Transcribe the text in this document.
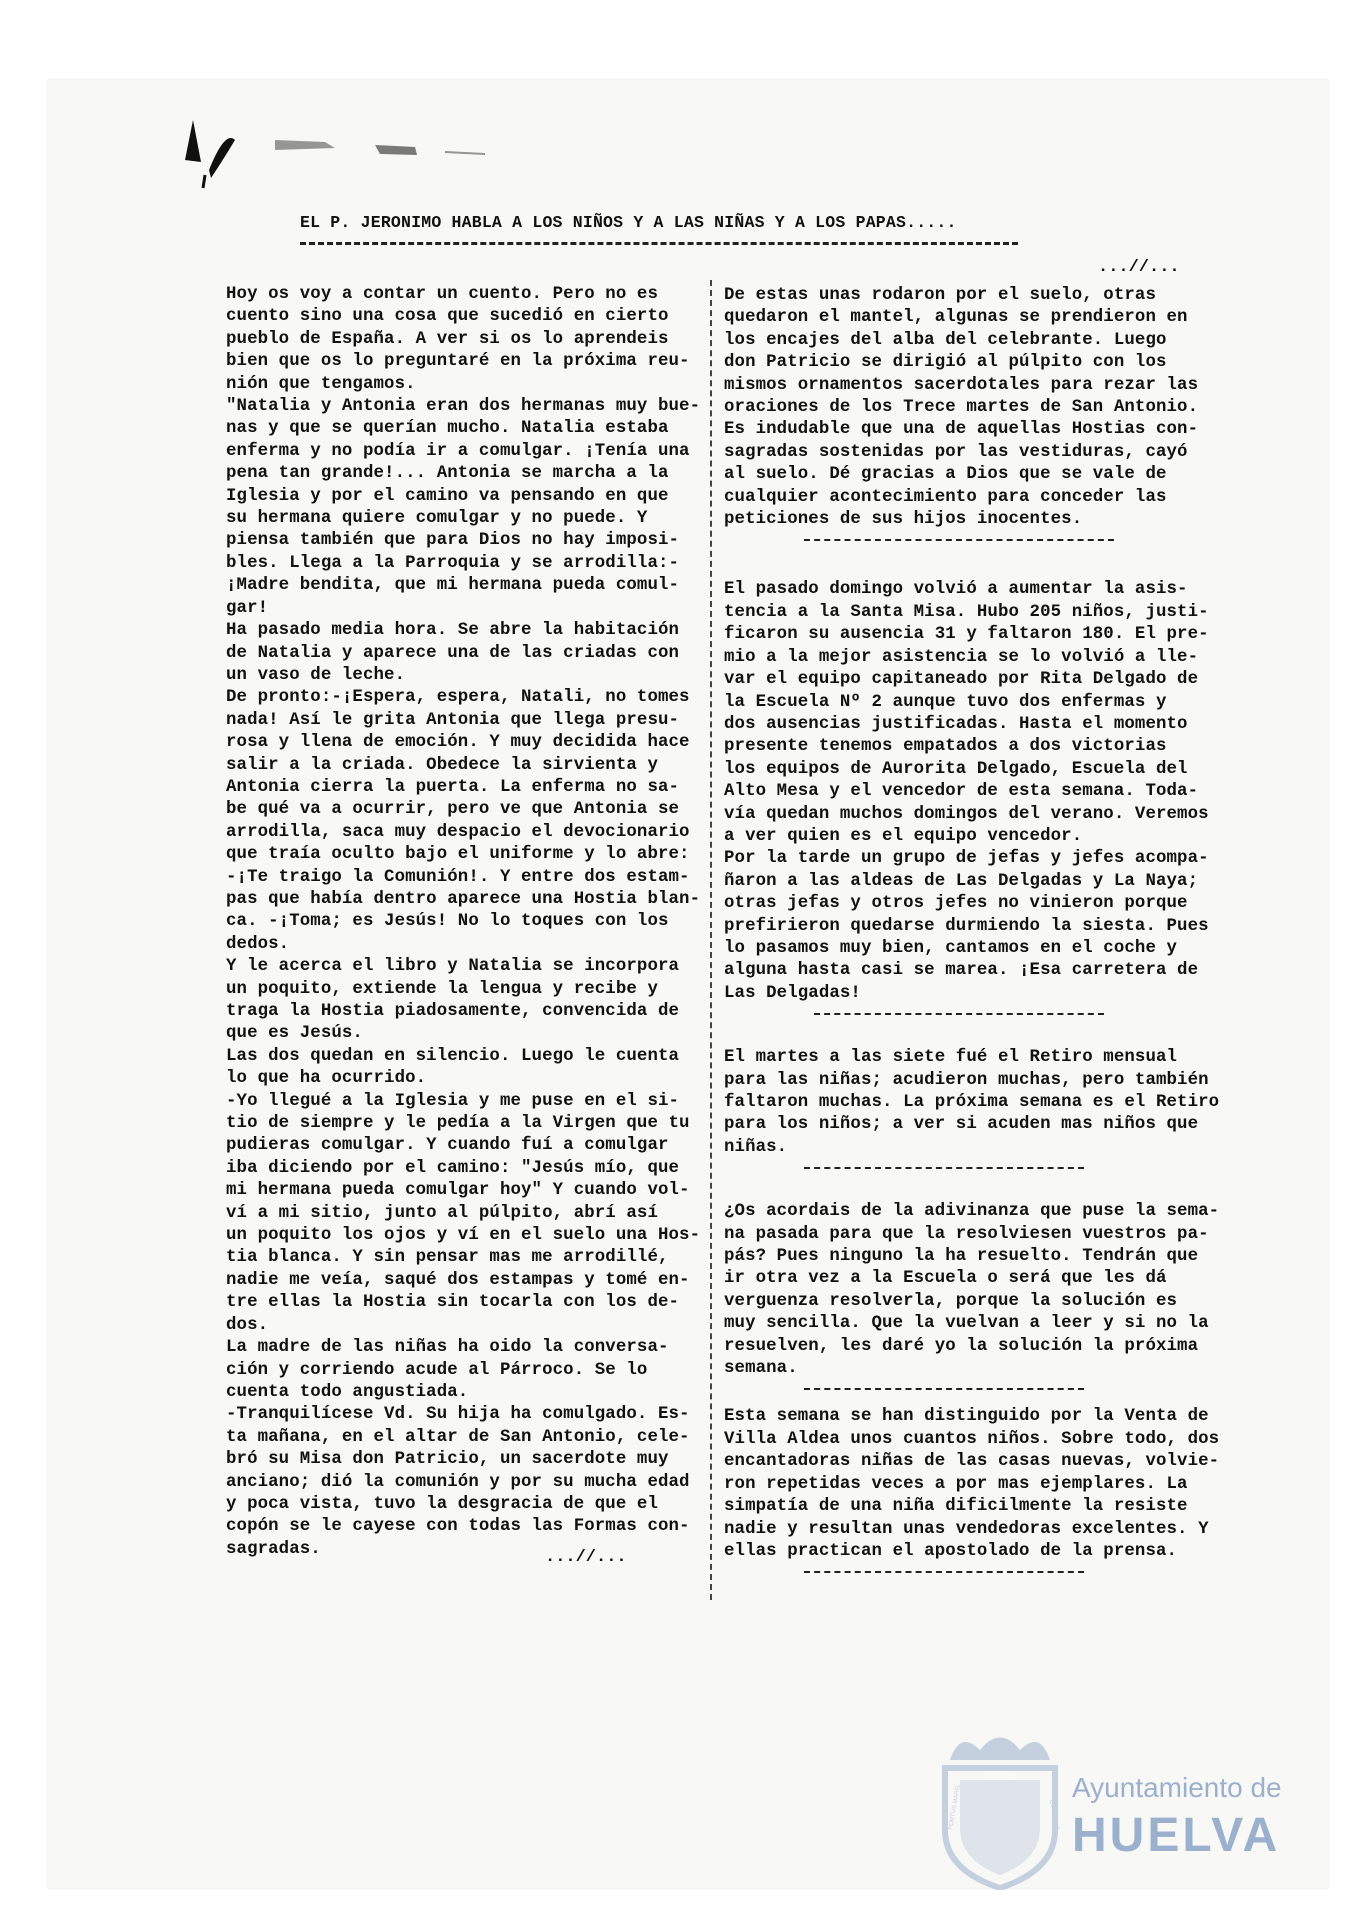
EL P. JERONIMO HABLA A LOS NIÑOS Y A LAS NIÑAS Y A LOS PAPAS.....
...//...

Hoy os voy a contar un cuento. Pero no es

cuento sino una cosa que sucedió en cierto

pueblo de España. A ver si os lo aprendeis

bien que os lo preguntaré en la próxima reu-

nión que tengamos.

"Natalia y Antonia eran dos hermanas muy bue-

nas y que se querían mucho. Natalia estaba

enferma y no podía ir a comulgar. ¡Tenía una

pena tan grande!... Antonia se marcha a la

Iglesia y por el camino va pensando en que

su hermana quiere comulgar y no puede. Y

piensa también que para Dios no hay imposi-

bles. Llega a la Parroquia y se arrodilla:-

¡Madre bendita, que mi hermana pueda comul-

gar!

Ha pasado media hora. Se abre la habitación

de Natalia y aparece una de las criadas con

un vaso de leche.

De pronto:-¡Espera, espera, Natali, no tomes

nada! Así le grita Antonia que llega presu-

rosa y llena de emoción. Y muy decidida hace

salir a la criada. Obedece la sirvienta y

Antonia cierra la puerta. La enferma no sa-

be qué va a ocurrir, pero ve que Antonia se

arrodilla, saca muy despacio el devocionario

que traía oculto bajo el uniforme y lo abre:

-¡Te traigo la Comunión!. Y entre dos estam-

pas que había dentro aparece una Hostia blan-

ca. -¡Toma; es Jesús! No lo toques con los

dedos.

Y le acerca el libro y Natalia se incorpora

un poquito, extiende la lengua y recibe y

traga la Hostia piadosamente, convencida de

que es Jesús.

Las dos quedan en silencio. Luego le cuenta

lo que ha ocurrido.

-Yo llegué a la Iglesia y me puse en el si-

tio de siempre y le pedía a la Virgen que tu

pudieras comulgar. Y cuando fuí a comulgar

iba diciendo por el camino: "Jesús mío, que

mi hermana pueda comulgar hoy" Y cuando vol-

ví a mi sitio, junto al púlpito, abrí así

un poquito los ojos y ví en el suelo una Hos-

tia blanca. Y sin pensar mas me arrodillé,

nadie me veía, saqué dos estampas y tomé en-

tre ellas la Hostia sin tocarla con los de-

dos.

La madre de las niñas ha oido la conversa-

ción y corriendo acude al Párroco. Se lo

cuenta todo angustiada.

-Tranquilícese Vd. Su hija ha comulgado. Es-

ta mañana, en el altar de San Antonio, cele-

bró su Misa don Patricio, un sacerdote muy

anciano; dió la comunión y por su mucha edad

y poca vista, tuvo la desgracia de que el

copón se le cayese con todas las Formas con-

sagradas.

De estas unas rodaron por el suelo, otras

quedaron el mantel, algunas se prendieron en

los encajes del alba del celebrante. Luego

don Patricio se dirigió al púlpito con los

mismos ornamentos sacerdotales para rezar las

oraciones de los Trece martes de San Antonio.

Es indudable que una de aquellas Hostias con-

sagradas sostenidas por las vestiduras, cayó

al suelo. Dé gracias a Dios que se vale de

cualquier acontecimiento para conceder las

peticiones de sus hijos inocentes.

El pasado domingo volvió a aumentar la asis-

tencia a la Santa Misa. Hubo 205 niños, justi-

ficaron su ausencia 31 y faltaron 180. El pre-

mio a la mejor asistencia se lo volvió a lle-

var el equipo capitaneado por Rita Delgado de

la Escuela Nº 2 aunque tuvo dos enfermas y

dos ausencias justificadas. Hasta el momento

presente tenemos empatados a dos victorias

los equipos de Aurorita Delgado, Escuela del

Alto Mesa y el vencedor de esta semana. Toda-

vía quedan muchos domingos del verano. Veremos

a ver quien es el equipo vencedor.

Por la tarde un grupo de jefas y jefes acompa-

ñaron a las aldeas de Las Delgadas y La Naya;

otras jefas y otros jefes no vinieron porque

prefirieron quedarse durmiendo la siesta. Pues

lo pasamos muy bien, cantamos en el coche y

alguna hasta casi se marea. ¡Esa carretera de

Las Delgadas!

El martes a las siete fué el Retiro mensual

para las niñas; acudieron muchas, pero también

faltaron muchas. La próxima semana es el Retiro

para los niños; a ver si acuden mas niños que

niñas.

¿Os acordais de la adivinanza que puse la sema-

na pasada para que la resolviesen vuestros pa-

pás? Pues ninguno la ha resuelto. Tendrán que

ir otra vez a la Escuela o será que les dá

verguenza resolverla, porque la solución es

muy sencilla. Que la vuelvan a leer y si no la

resuelven, les daré yo la solución la próxima

semana.

Esta semana se han distinguido por la Venta de

Villa Aldea unos cuantos niños. Sobre todo, dos

encantadoras niñas de las casas nuevas, volvie-

ron repetidas veces a por mas ejemplares. La

simpatía de una niña dificilmente la resiste

nadie y resultan unas vendedoras excelentes. Y

ellas practican el apostolado de la prensa.

...//...
ET TERRA
PORTUS MARIS	CUSTODIA
Ayuntamiento de
HUELVA
